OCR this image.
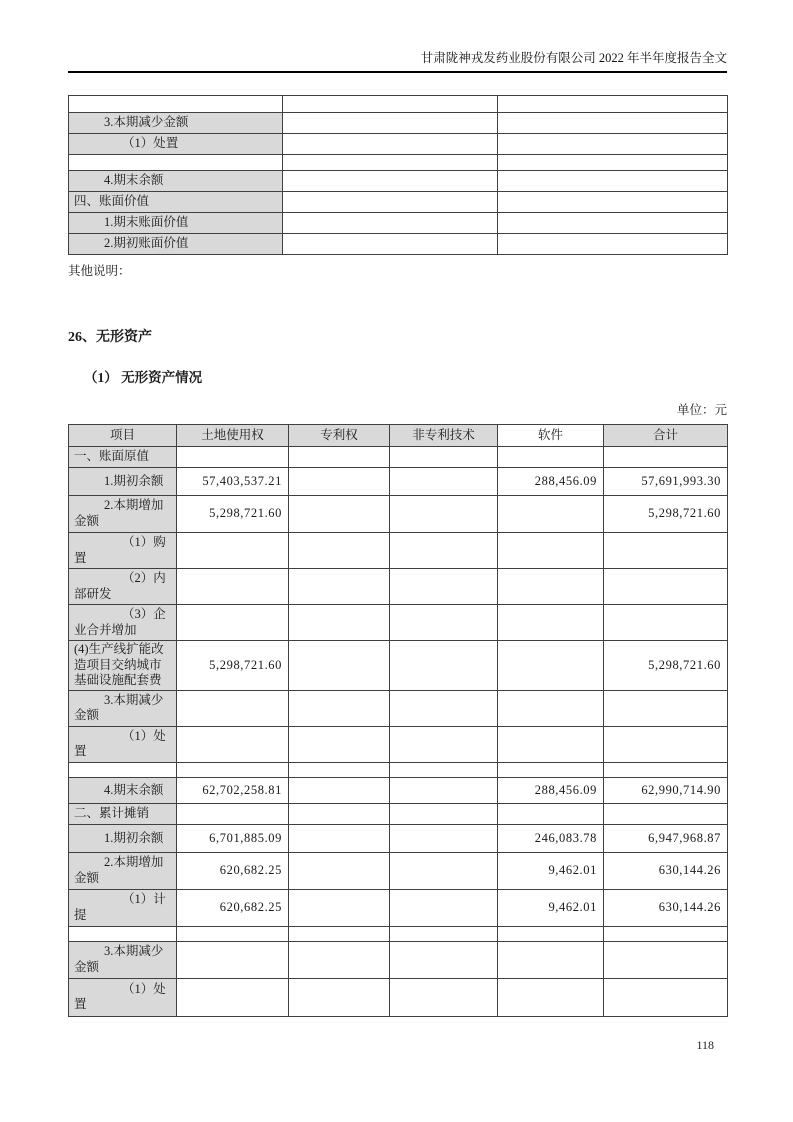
甘肃陇神戎发药业股份有限公司 2022 年半年度报告全文

3.本期减少金额		
（1）处置		

4.期末余额		
四、账面价值		
1.期末账面价值		
2.期初账面价值		
其他说明：
26、无形资产
（1） 无形资产情况
单位：元
项目	土地使用权	专利权	非专利技术	软件	合计
一、账面原值					
1.期初余额	57,403,537.21			288,456.09	57,691,993.30
2.本期增加金额	5,298,721.60				5,298,721.60
（1）购置					
（2）内部研发					
（3）企业合并增加					
(4)生产线扩能改造项目交纳城市基础设施配套费	5,298,721.60				5,298,721.60
3.本期减少金额					
（1）处置					

4.期末余额	62,702,258.81			288,456.09	62,990,714.90
二、累计摊销					
1.期初余额	6,701,885.09			246,083.78	6,947,968.87
2.本期增加金额	620,682.25			9,462.01	630,144.26
（1）计提	620,682.25			9,462.01	630,144.26

3.本期减少金额					
（1）处置					
118
